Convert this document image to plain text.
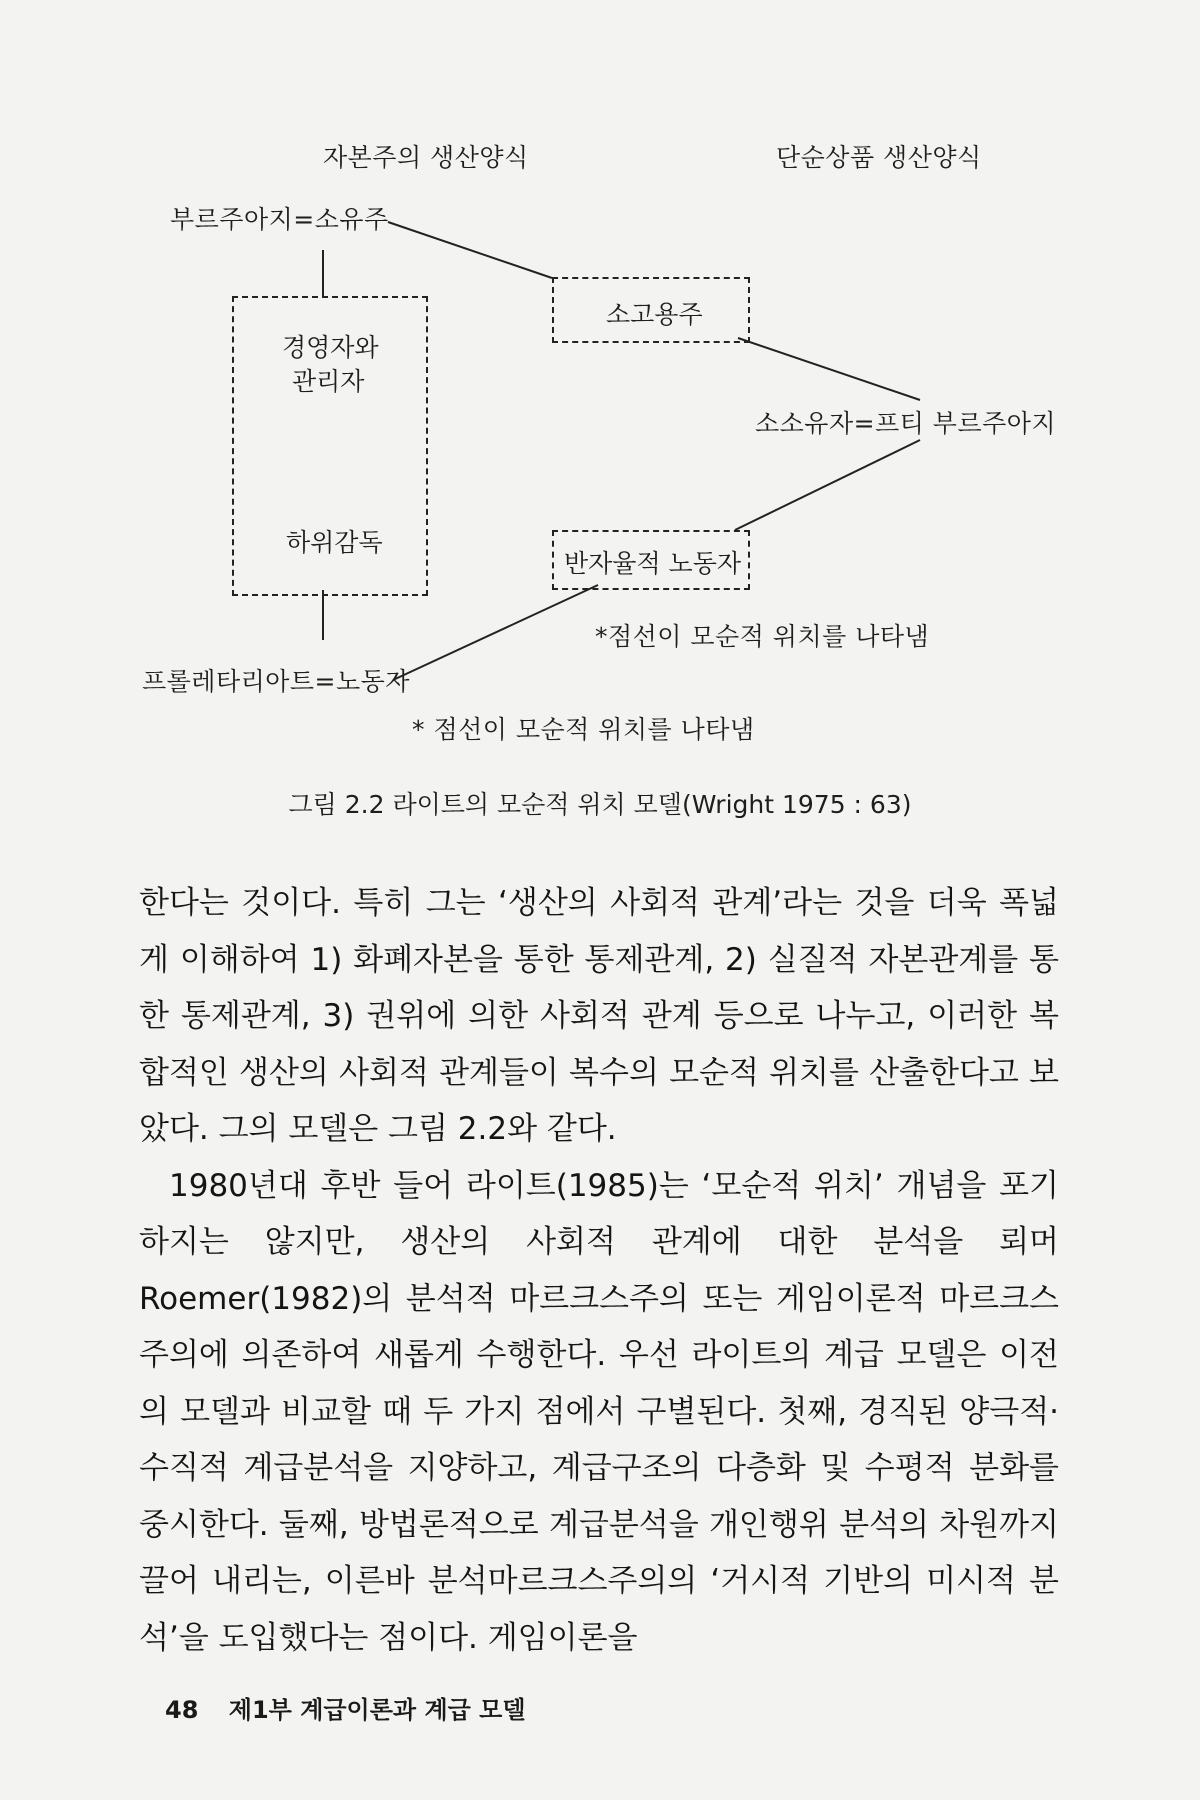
자본주의 생산양식	단순상품 생산양식
부르주아지=소유주
경영자와
관리자
하위감독
소고용주
소소유자=프티 부르주아지
반자율적 노동자
*점선이 모순적 위치를 나타냄
프롤레타리아트=노동자
* 점선이 모순적 위치를 나타냄
그림 2.2 라이트의 모순적 위치 모델(Wright 1975 : 63)

한다는 것이다. 특히 그는 ‘생산의 사회적 관계’라는 것을 더욱 폭넓게 이해하여 1) 화폐자본을 통한 통제관계, 2) 실질적 자본관계를 통한 통제관계, 3) 권위에 의한 사회적 관계 등으로 나누고, 이러한 복합적인 생산의 사회적 관계들이 복수의 모순적 위치를 산출한다고 보았다. 그의 모델은 그림 2.2와 같다.

1980년대 후반 들어 라이트(1985)는 ‘모순적 위치’ 개념을 포기하지는 않지만, 생산의 사회적 관계에 대한 분석을 뢰머 Roemer(1982)의 분석적 마르크스주의 또는 게임이론적 마르크스주의에 의존하여 새롭게 수행한다. 우선 라이트의 계급 모델은 이전의 모델과 비교할 때 두 가지 점에서 구별된다. 첫째, 경직된 양극적·수직적 계급분석을 지양하고, 계급구조의 다층화 및 수평적 분화를 중시한다. 둘째, 방법론적으로 계급분석을 개인행위 분석의 차원까지 끌어 내리는, 이른바 분석마르크스주의의 ‘거시적 기반의 미시적 분석’을 도입했다는 점이다. 게임이론을

48 제1부 계급이론과 계급 모델
